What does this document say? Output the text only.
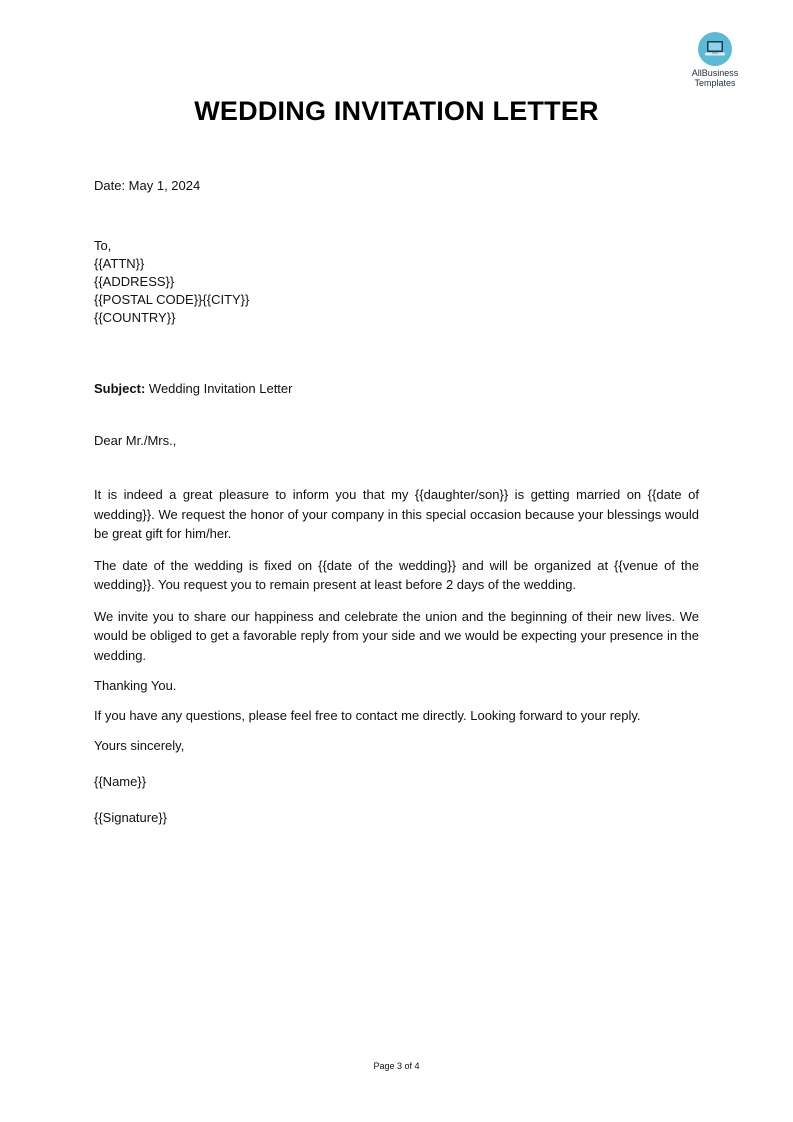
AllBusiness
Templates
WEDDING INVITATION LETTER
Date: May 1, 2024
To,
{{ATTN}}
{{ADDRESS}}
{{POSTAL CODE}}{{CITY}}
{{COUNTRY}}
Subject: Wedding Invitation Letter
Dear Mr./Mrs.,

It is indeed a great pleasure to inform you that my {{daughter/son}} is getting married on {{date of wedding}}. We request the honor of your company in this special occasion because your blessings would be great gift for him/her.

The date of the wedding is fixed on {{date of the wedding}} and will be organized at {{venue of the wedding}}. You request you to remain present at least before 2 days of the wedding.

We invite you to share our happiness and celebrate the union and the beginning of their new lives. We would be obliged to get a favorable reply from your side and we would be expecting your presence in the wedding.

Thanking You.

If you have any questions, please feel free to contact me directly. Looking forward to your reply.

Yours sincerely,

{{Name}}

{{Signature}}

Page 3 of 4
